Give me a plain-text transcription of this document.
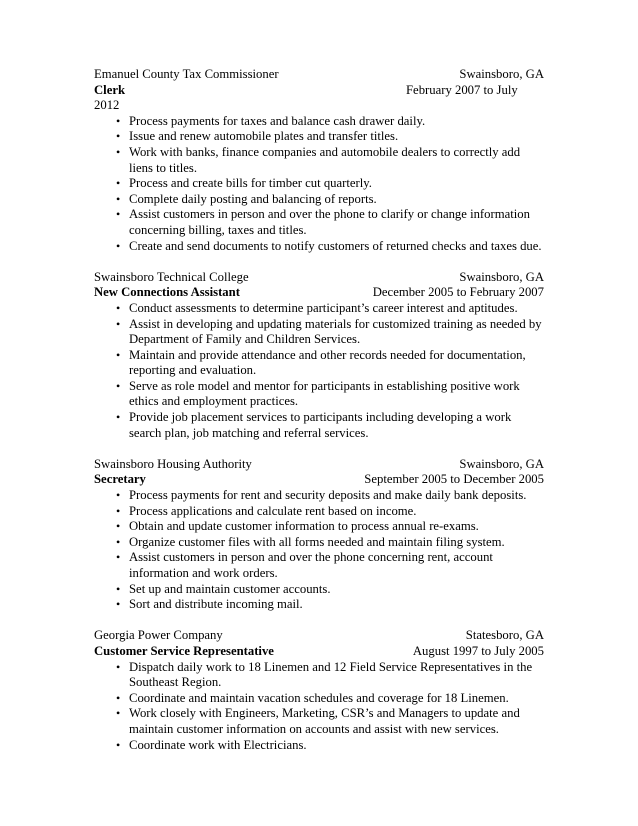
Emanuel County Tax Commissioner	Swainsboro, GA
Clerk	February 2007 to July 2012
• Process payments for taxes and balance cash drawer daily.
• Issue and renew automobile plates and transfer titles.
• Work with banks, finance companies and automobile dealers to correctly add liens to titles.
• Process and create bills for timber cut quarterly.
• Complete daily posting and balancing of reports.
• Assist customers in person and over the phone to clarify or change information concerning billing, taxes and titles.
• Create and send documents to notify customers of returned checks and taxes due.
Swainsboro Technical College	Swainsboro, GA
New Connections Assistant	December 2005 to February 2007
• Conduct assessments to determine participant’s career interest and aptitudes.
• Assist in developing and updating materials for customized training as needed by Department of Family and Children Services.
• Maintain and provide attendance and other records needed for documentation, reporting and evaluation.
• Serve as role model and mentor for participants in establishing positive work ethics and employment practices.
• Provide job placement services to participants including developing a work search plan, job matching and referral services.
Swainsboro Housing Authority	Swainsboro, GA
Secretary	September 2005 to December 2005
• Process payments for rent and security deposits and make daily bank deposits.
• Process applications and calculate rent based on income.
• Obtain and update customer information to process annual re-exams.
• Organize customer files with all forms needed and maintain filing system.
• Assist customers in person and over the phone concerning rent, account information and work orders.
• Set up and maintain customer accounts.
• Sort and distribute incoming mail.
Georgia Power Company	Statesboro, GA
Customer Service Representative	August 1997 to July 2005
• Dispatch daily work to 18 Linemen and 12 Field Service Representatives in the Southeast Region.
• Coordinate and maintain vacation schedules and coverage for 18 Linemen.
• Work closely with Engineers, Marketing, CSR’s and Managers to update and maintain customer information on accounts and assist with new services.
• Coordinate work with Electricians.
